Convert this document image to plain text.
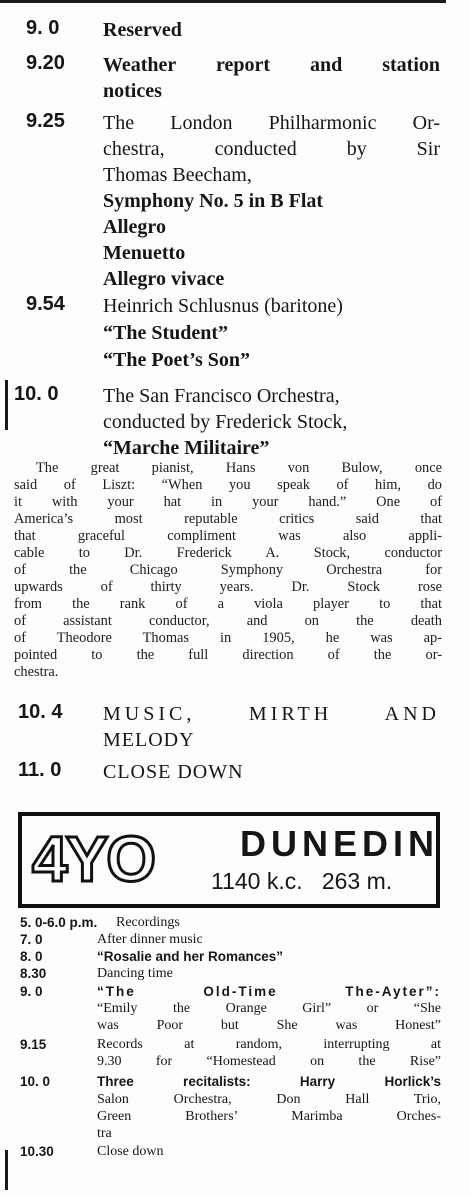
9. 0 Reserved
9.20 Weather report and station
notices
9.25 The London Philharmonic Or-
chestra, conducted by Sir
Thomas Beecham,
Symphony No. 5 in B Flat
Allegro
Menuetto
Allegro vivace
9.54 Heinrich Schlusnus (baritone)
“The Student”
“The Poet’s Son”
10. 0 The San Francisco Orchestra,
conducted by Frederick Stock,
“Marche Militaire”
The great pianist, Hans von Bulow, once
said of Liszt: “When you speak of him, do
it with your hat in your hand.” One of
America’s most reputable critics said that
that graceful compliment was also appli-
cable to Dr. Frederick A. Stock, conductor
of the Chicago Symphony Orchestra for
upwards of thirty years. Dr. Stock rose
from the rank of a viola player to that
of assistant conductor, and on the death
of Theodore Thomas in 1905, he was ap-
pointed to the full direction of the or-
chestra.
10. 4 MUSIC, MIRTH AND
MELODY
11. 0 CLOSE DOWN
4YO DUNEDIN
1140 k.c. 263 m.
5. 0-6.0 p.m. Recordings
7. 0	After dinner music
8. 0	“Rosalie and her Romances”
8.30	Dancing time
9. 0	“The Old-Time The-Ayter”:
“Emily the Orange Girl” or “She
was Poor but She was Honest”
9.15	Records at random, interrupting at
9.30 for “Homestead on the Rise”
10. 0	Three recitalists: Harry Horlick’s
Salon Orchestra, Don Hall Trio,
Green Brothers’ Marimba Orches-
tra
10.30	Close down
